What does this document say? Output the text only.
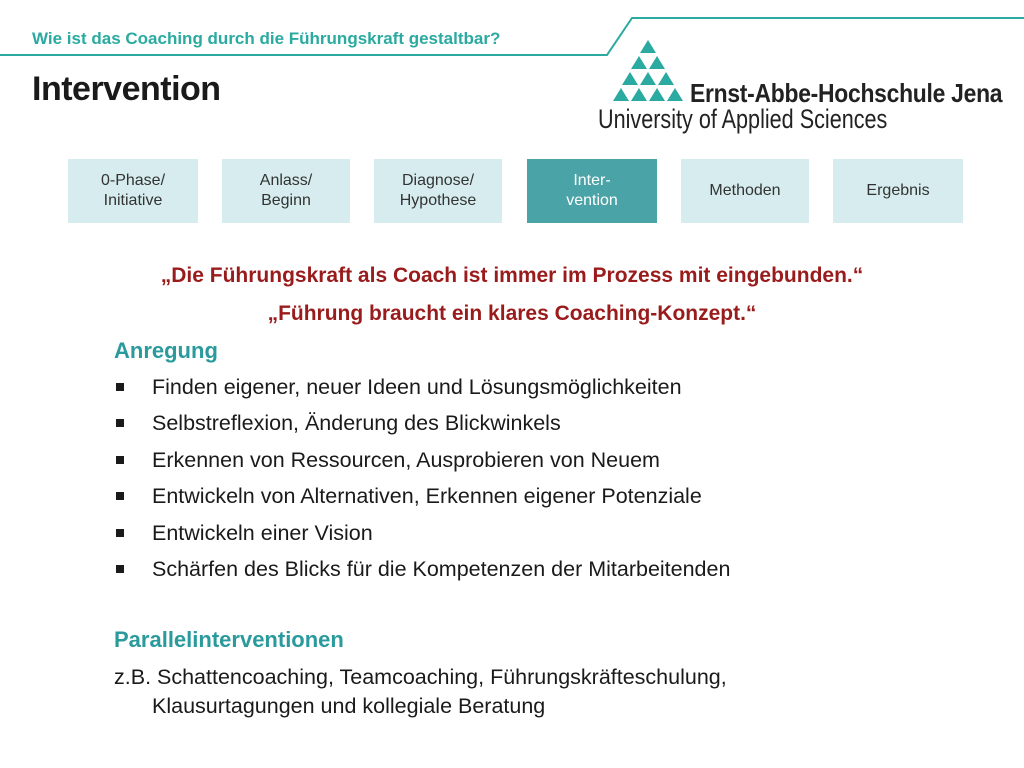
Wie ist das Coaching durch die Führungskraft gestaltbar?
Intervention	Ernst-Abbe-Hochschule Jena
University of Applied Sciences
0-Phase/
Initiative
Anlass/
Beginn
Diagnose/
Hypothese
Inter-
vention
Methoden	Ergebnis
„Die Führungskraft als Coach ist immer im Prozess mit eingebunden.“
„Führung braucht ein klares Coaching-Konzept.“
Anregung
Finden eigener, neuer Ideen und Lösungsmöglichkeiten
Selbstreflexion, Änderung des Blickwinkels
Erkennen von Ressourcen, Ausprobieren von Neuem
Entwickeln von Alternativen, Erkennen eigener Potenziale
Entwickeln einer Vision
Schärfen des Blicks für die Kompetenzen der Mitarbeitenden
Parallelinterventionen
z.B. Schattencoaching, Teamcoaching, Führungskräfteschulung,
Klausurtagungen und kollegiale Beratung
